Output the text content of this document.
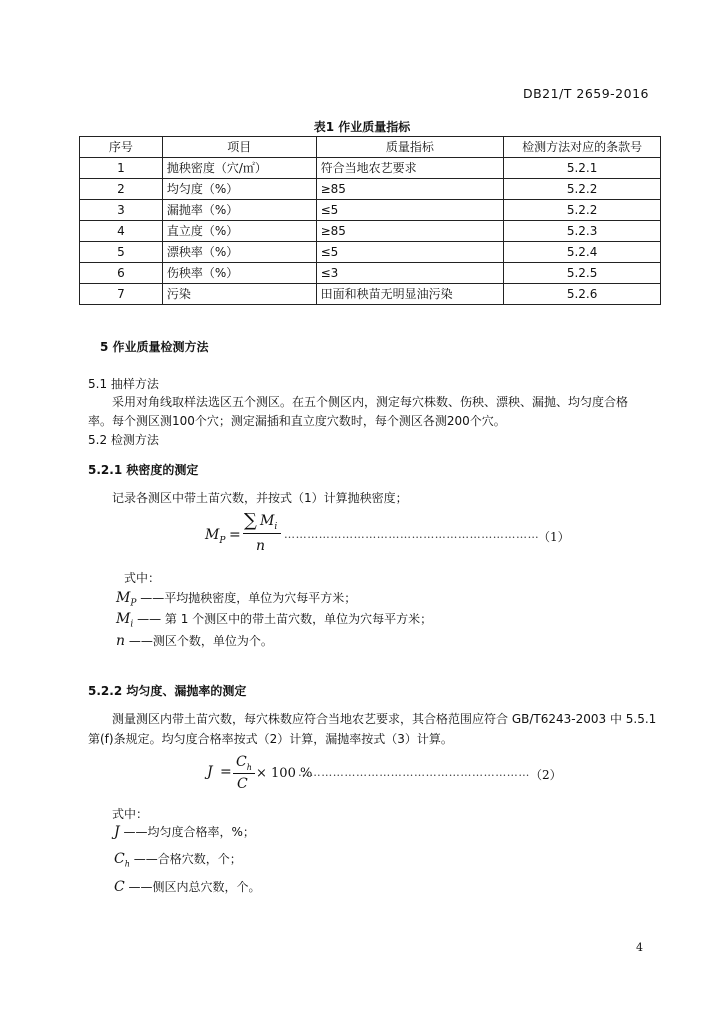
DB21/T 2659-2016
表1 作业质量指标
序号	项目	质量指标	检测方法对应的条款号
1	抛秧密度（穴/㎡）	符合当地农艺要求	5.2.1
2	均匀度（%）	≥85	5.2.2
3	漏抛率（%）	≤5	5.2.2
4	直立度（%）	≥85	5.2.3
5	漂秧率（%）	≤5	5.2.4
6	伤秧率（%）	≤3	5.2.5
7	污染	田面和秧苗无明显油污染	5.2.6
5 作业质量检测方法
5.1 抽样方法
采用对角线取样法选区五个测区。在五个侧区内，测定每穴株数、伤秧、漂秧、漏抛、均匀度合格
率。每个测区测100个穴；测定漏插和直立度穴数时，每个测区各测200个穴。
5.2 检测方法
5.2.1 秧密度的测定
记录各测区中带土苗穴数，并按式（1）计算抛秧密度；
$M_P$ =
∑ $M_i$
n
…………………………………………………………
（1）
式中：
$M_P$ ——平均抛秧密度，单位为穴每平方米；
$M_i$ —— 第 1 个测区中的带土苗穴数，单位为穴每平方米；
n ——测区个数，单位为个。
5.2.2 均匀度、漏抛率的测定
测量测区内带土苗穴数，每穴株数应符合当地农艺要求，其合格范围应符合 GB/T6243-2003 中 5.5.1
第(f)条规定。均匀度合格率按式（2）计算，漏抛率按式（3）计算。
J =
$C_h$
C
× 100 %
…………………………………………………… （2）
式中：
J ——均匀度合格率，%；
$C_h$ ——合格穴数，个；
C ——侧区内总穴数，个。
4
